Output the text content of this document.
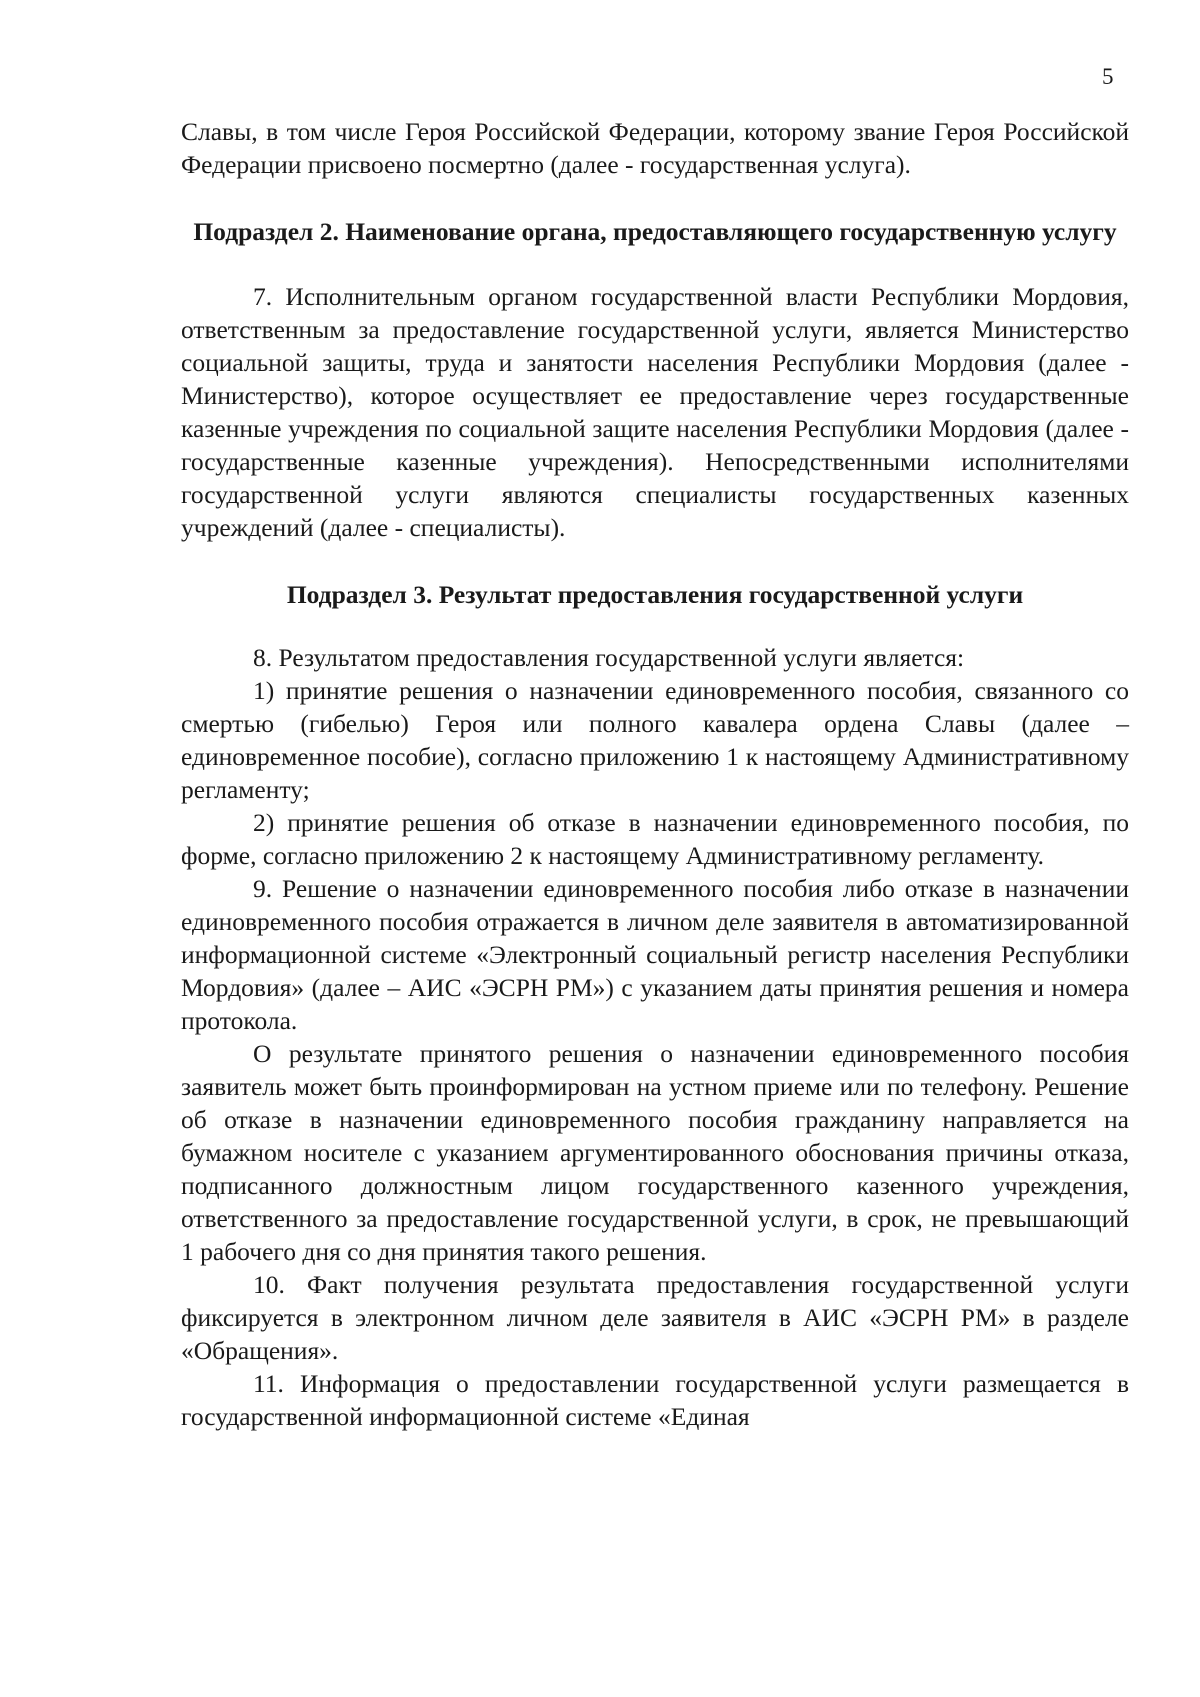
5

Славы, в том числе Героя Российской Федерации, которому звание Героя Российской Федерации присвоено посмертно (далее - государственная услуга).

Подраздел 2. Наименование органа, предоставляющего государственную услугу

7. Исполнительным органом государственной власти Республики Мордовия, ответственным за предоставление государственной услуги, является Министерство социальной защиты, труда и занятости населения Республики Мордовия (далее - Министерство), которое осуществляет ее предоставление через государственные казенные учреждения по социальной защите населения Республики Мордовия (далее - государственные казенные учреждения). Непосредственными исполнителями государственной услуги являются специалисты государственных казенных учреждений (далее - специалисты).

Подраздел 3. Результат предоставления государственной услуги

8. Результатом предоставления государственной услуги является:

1) принятие решения о назначении единовременного пособия, связанного со смертью (гибелью) Героя или полного кавалера ордена Славы (далее – единовременное пособие), согласно приложению 1 к настоящему Административному регламенту;

2) принятие решения об отказе в назначении единовременного пособия, по форме, согласно приложению 2 к настоящему Административному регламенту.

9. Решение о назначении единовременного пособия либо отказе в назначении единовременного пособия отражается в личном деле заявителя в автоматизированной информационной системе «Электронный социальный регистр населения Республики Мордовия» (далее – АИС «ЭСРН РМ») с указанием даты принятия решения и номера протокола.

О результате принятого решения о назначении единовременного пособия заявитель может быть проинформирован на устном приеме или по телефону. Решение об отказе в назначении единовременного пособия гражданину направляется на бумажном носителе с указанием аргументированного обоснования причины отказа, подписанного должностным лицом государственного казенного учреждения, ответственного за предоставление государственной услуги, в срок, не превышающий 1 рабочего дня со дня принятия такого решения.

10. Факт получения результата предоставления государственной услуги фиксируется в электронном личном деле заявителя в АИС «ЭСРН РМ» в разделе «Обращения».

11. Информация о предоставлении государственной услуги размещается в государственной информационной системе «Единая
